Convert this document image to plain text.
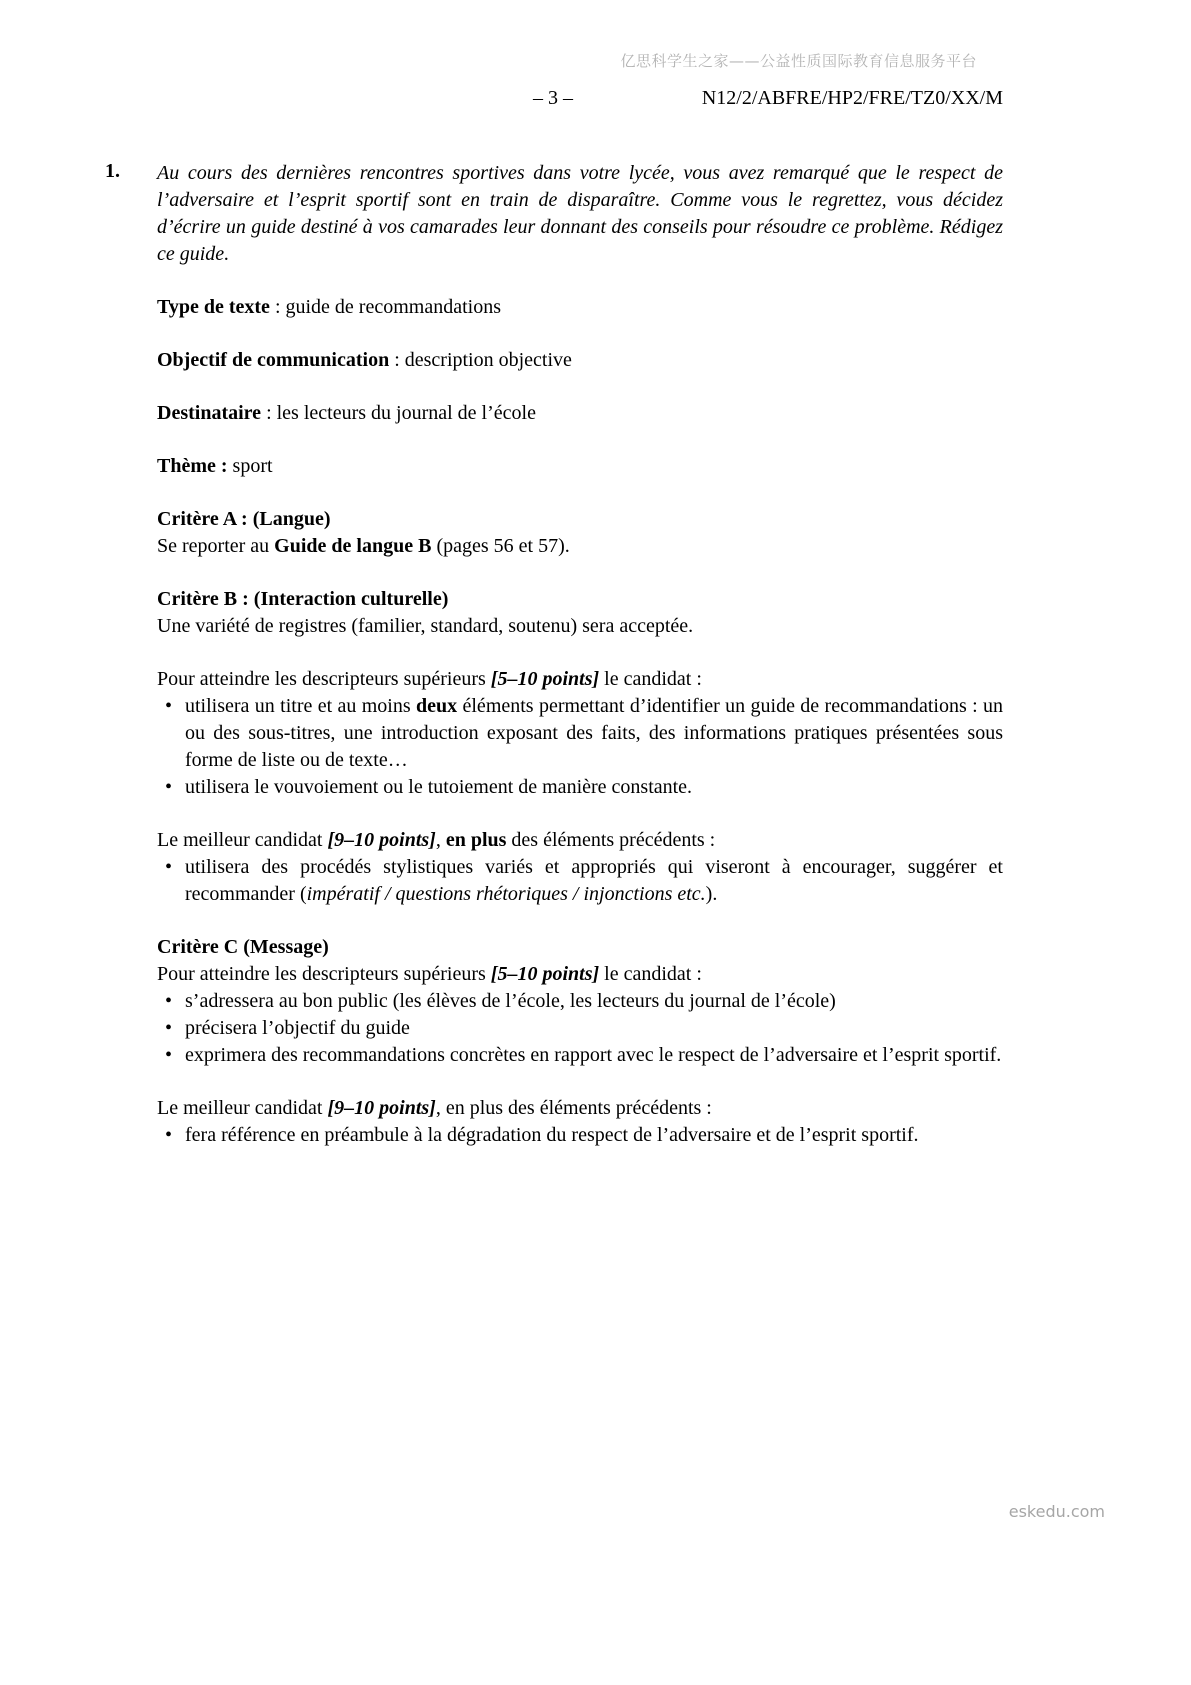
亿思科学生之家——公益性质国际教育信息服务平台
– 3 –	N12/2/ABFRE/HP2/FRE/TZ0/XX/M
1. Au cours des dernières rencontres sportives dans votre lycée, vous avez remarqué que le respect de l’adversaire et l’esprit sportif sont en train de disparaître. Comme vous le regrettez, vous décidez d’écrire un guide destiné à vos camarades leur donnant des conseils pour résoudre ce problème. Rédigez ce guide.

Type de texte : guide de recommandations

Objectif de communication : description objective

Destinataire : les lecteurs du journal de l’école

Thème : sport

Critère A : (Langue)

Se reporter au Guide de langue B (pages 56 et 57).

Critère B : (Interaction culturelle)

Une variété de registres (familier, standard, soutenu) sera acceptée.

Pour atteindre les descripteurs supérieurs [5–10 points] le candidat :

• utilisera un titre et au moins deux éléments permettant d’identifier un guide de recommandations : un ou des sous-titres, une introduction exposant des faits, des informations pratiques présentées sous forme de liste ou de texte…
• utilisera le vouvoiement ou le tutoiement de manière constante.

Le meilleur candidat [9–10 points], en plus des éléments précédents :

• utilisera des procédés stylistiques variés et appropriés qui viseront à encourager, suggérer et recommander (impératif / questions rhétoriques / injonctions etc.).

Critère C (Message)

Pour atteindre les descripteurs supérieurs [5–10 points] le candidat :

• s’adressera au bon public (les élèves de l’école, les lecteurs du journal de l’école)
• précisera l’objectif du guide
• exprimera des recommandations concrètes en rapport avec le respect de l’adversaire et l’esprit sportif.

Le meilleur candidat [9–10 points], en plus des éléments précédents :

• fera référence en préambule à la dégradation du respect de l’adversaire et de l’esprit sportif.
eskedu.com
